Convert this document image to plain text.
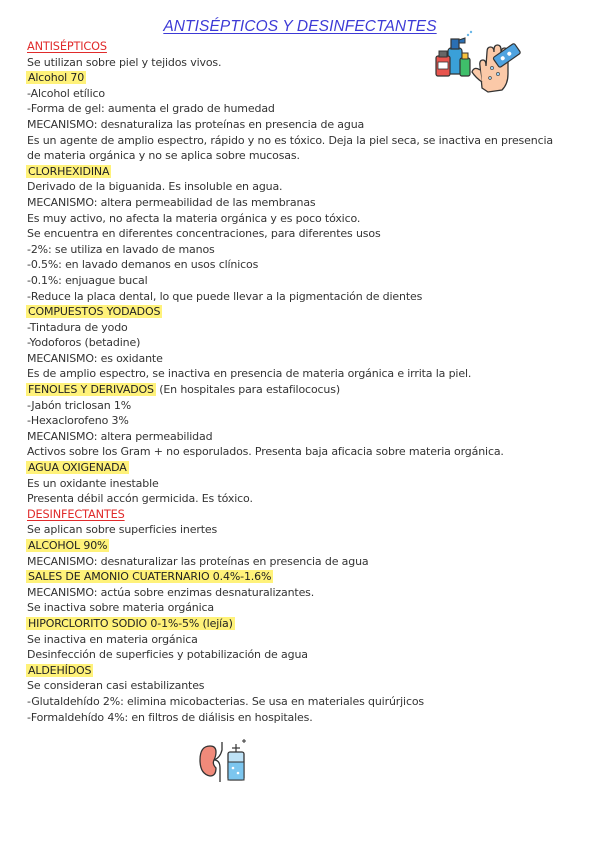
ANTISÉPTICOS Y DESINFECTANTES
ANTISÉPTICOS
Se utilizan sobre piel y tejidos vivos.
Alcohol 70
-Alcohol etílico
-Forma de gel: aumenta el grado de humedad
MECANISMO: desnaturaliza las proteínas en presencia de agua
Es un agente de amplio espectro, rápido y no es tóxico. Deja la piel seca, se inactiva en presencia de materia orgánica y no se aplica sobre mucosas.
CLORHEXIDINA
Derivado de la biguanida. Es insoluble en agua.
MECANISMO: altera permeabilidad de las membranas
Es muy activo, no afecta la materia orgánica y es poco tóxico.
Se encuentra en diferentes concentraciones, para diferentes usos
-2%: se utiliza en lavado de manos
-0.5%: en lavado demanos en usos clínicos
-0.1%: enjuague bucal
-Reduce la placa dental, lo que puede llevar a la pigmentación de dientes
COMPUESTOS YODADOS
-Tintadura de yodo
-Yodoforos (betadine)
MECANISMO: es oxidante
Es de amplio espectro, se inactiva en presencia de materia orgánica e irrita la piel.
FENOLES Y DERIVADOS (En hospitales para estafilococus)
-Jabón triclosan 1%
-Hexaclorofeno 3%
MECANISMO: altera permeabilidad
Activos sobre los Gram + no esporulados. Presenta baja aficacia sobre materia orgánica.
AGUA OXIGENADA
Es un oxidante inestable
Presenta débil accón germicida. Es tóxico.
DESINFECTANTES
Se aplican sobre superficies inertes
ALCOHOL 90%
MECANISMO: desnaturalizar las proteínas en presencia de agua
SALES DE AMONIO CUATERNARIO 0.4%-1.6%
MECANISMO: actúa sobre enzimas desnaturalizantes.
Se inactiva sobre materia orgánica
HIPORCLORITO SODIO 0-1%-5% (lejía)
Se inactiva en materia orgánica
Desinfección de superficies y potabilización de agua
ALDEHÍDOS
Se consideran casi estabilizantes
-Glutaldehído 2%: elimina micobacterias. Se usa en materiales quirúrjicos
-Formaldehído 4%: en filtros de diálisis en hospitales.
